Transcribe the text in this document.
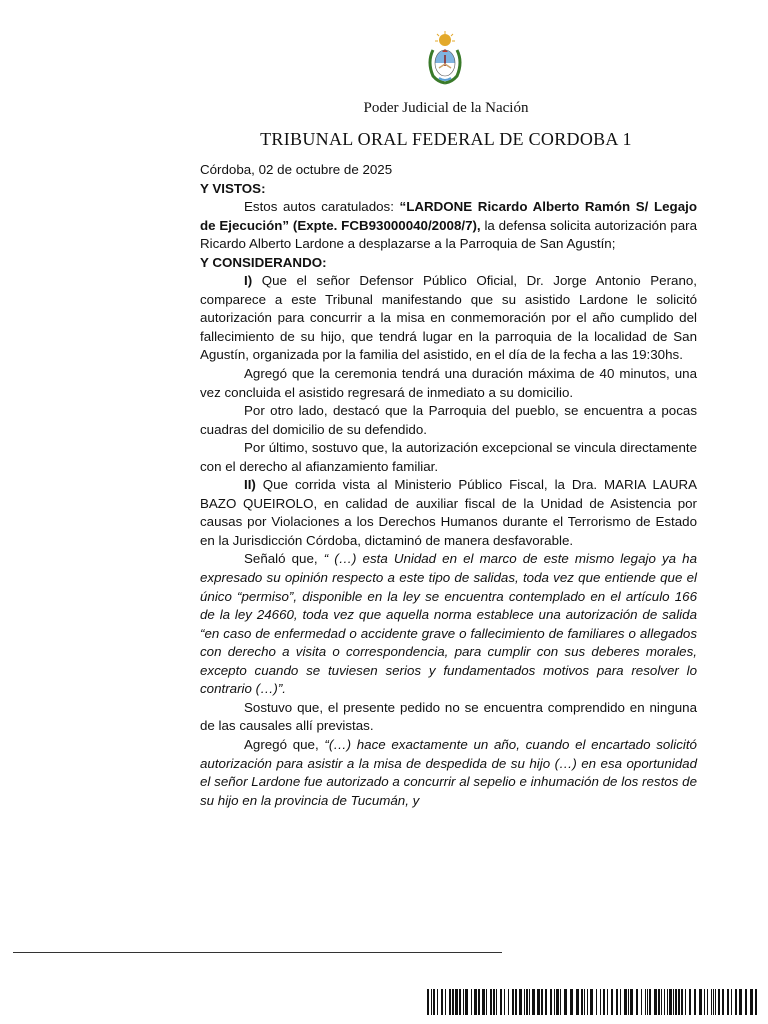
Poder Judicial de la Nación
TRIBUNAL ORAL FEDERAL DE CORDOBA 1

Córdoba, 02 de octubre de 2025

Y VISTOS:

Estos autos caratulados: “LARDONE Ricardo Alberto Ramón S/ Legajo de Ejecución” (Expte. FCB93000040/2008/7), la defensa solicita autorización para Ricardo Alberto Lardone a desplazarse a la Parroquia de San Agustín;

Y CONSIDERANDO:

I) Que el señor Defensor Público Oficial, Dr. Jorge Antonio Perano, comparece a este Tribunal manifestando que su asistido Lardone le solicitó autorización para concurrir a la misa en conmemoración por el año cumplido del fallecimiento de su hijo, que tendrá lugar en la parroquia de la localidad de San Agustín, organizada por la familia del asistido, en el día de la fecha a las 19:30hs.

Agregó que la ceremonia tendrá una duración máxima de 40 minutos, una vez concluida el asistido regresará de inmediato a su domicilio.

Por otro lado, destacó que la Parroquia del pueblo, se encuentra a pocas cuadras del domicilio de su defendido.

Por último, sostuvo que, la autorización excepcional se vincula directamente con el derecho al afianzamiento familiar.

II) Que corrida vista al Ministerio Público Fiscal, la Dra. MARIA LAURA BAZO QUEIROLO, en calidad de auxiliar fiscal de la Unidad de Asistencia por causas por Violaciones a los Derechos Humanos durante el Terrorismo de Estado en la Jurisdicción Córdoba, dictaminó de manera desfavorable.

Señaló que, “ (…) esta Unidad en el marco de este mismo legajo ya ha expresado su opinión respecto a este tipo de salidas, toda vez que entiende que el único “permiso”, disponible en la ley se encuentra contemplado en el artículo 166 de la ley 24660, toda vez que aquella norma establece una autorización de salida “en caso de enfermedad o accidente grave o fallecimiento de familiares o allegados con derecho a visita o correspondencia, para cumplir con sus deberes morales, excepto cuando se tuviesen serios y fundamentados motivos para resolver lo contrario (…)”.

Sostuvo que, el presente pedido no se encuentra comprendido en ninguna de las causales allí previstas.

Agregó que, “(…) hace exactamente un año, cuando el encartado solicitó autorización para asistir a la misa de despedida de su hijo (…) en esa oportunidad el señor Lardone fue autorizado a concurrir al sepelio e inhumación de los restos de su hijo en la provincia de Tucumán, y
